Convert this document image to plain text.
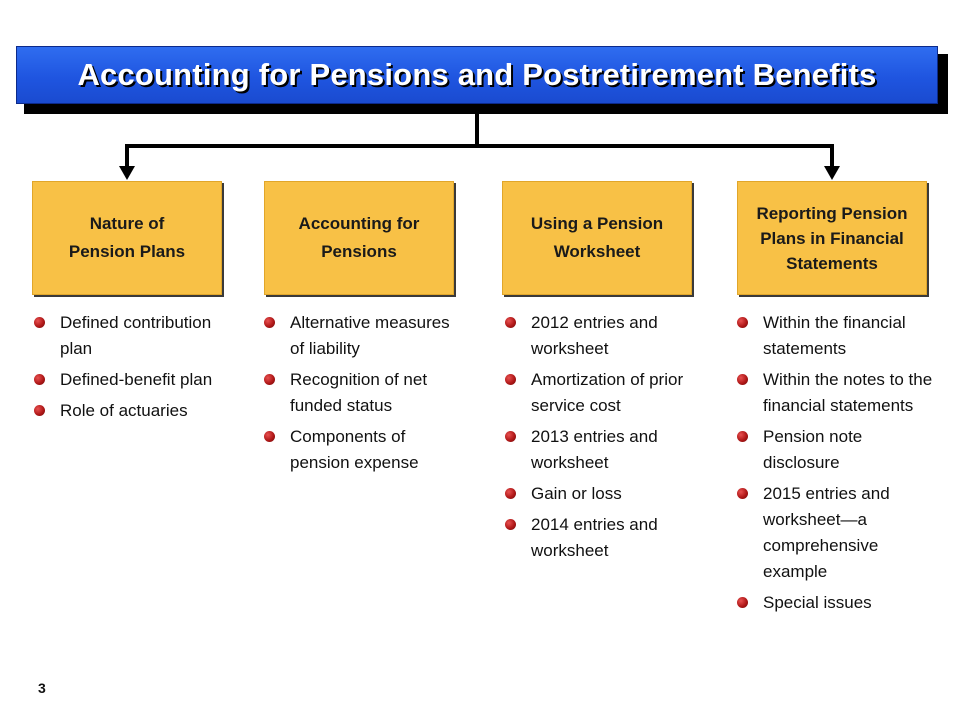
Accounting for Pensions and Postretirement Benefits
Nature of Pension Plans
Accounting for Pensions
Using a Pension Worksheet
Reporting Pension Plans in Financial Statements
Defined contribution plan
Defined-benefit plan
Role of actuaries
Alternative measures of liability
Recognition of net funded status
Components of pension expense
2012 entries and worksheet
Amortization of prior service cost
2013 entries and worksheet
Gain or loss
2014 entries and worksheet
Within the financial statements
Within the notes to the financial statements
Pension note disclosure
2015 entries and worksheet—a comprehensive example
Special issues
3
